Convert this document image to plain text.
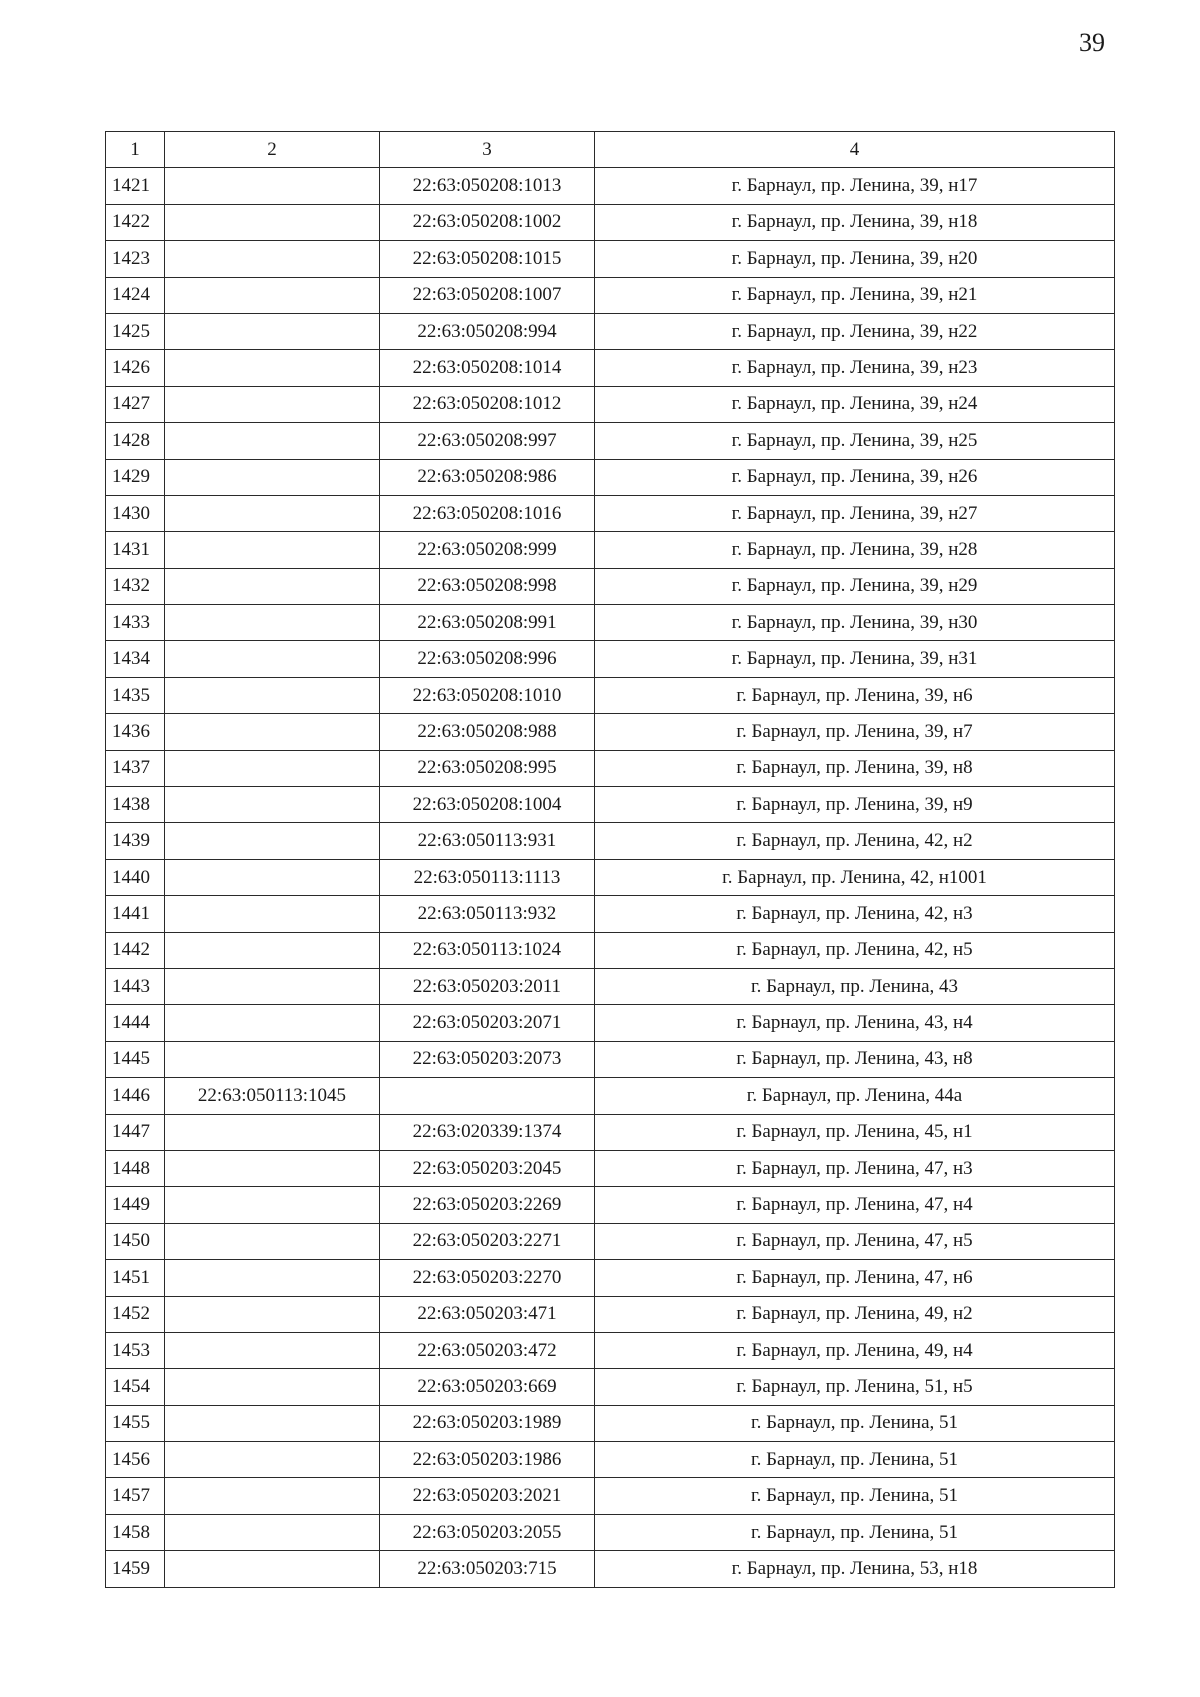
39
1	2	3	4
1421		22:63:050208:1013	г. Барнаул, пр. Ленина, 39, н17
1422		22:63:050208:1002	г. Барнаул, пр. Ленина, 39, н18
1423		22:63:050208:1015	г. Барнаул, пр. Ленина, 39, н20
1424		22:63:050208:1007	г. Барнаул, пр. Ленина, 39, н21
1425		22:63:050208:994	г. Барнаул, пр. Ленина, 39, н22
1426		22:63:050208:1014	г. Барнаул, пр. Ленина, 39, н23
1427		22:63:050208:1012	г. Барнаул, пр. Ленина, 39, н24
1428		22:63:050208:997	г. Барнаул, пр. Ленина, 39, н25
1429		22:63:050208:986	г. Барнаул, пр. Ленина, 39, н26
1430		22:63:050208:1016	г. Барнаул, пр. Ленина, 39, н27
1431		22:63:050208:999	г. Барнаул, пр. Ленина, 39, н28
1432		22:63:050208:998	г. Барнаул, пр. Ленина, 39, н29
1433		22:63:050208:991	г. Барнаул, пр. Ленина, 39, н30
1434		22:63:050208:996	г. Барнаул, пр. Ленина, 39, н31
1435		22:63:050208:1010	г. Барнаул, пр. Ленина, 39, н6
1436		22:63:050208:988	г. Барнаул, пр. Ленина, 39, н7
1437		22:63:050208:995	г. Барнаул, пр. Ленина, 39, н8
1438		22:63:050208:1004	г. Барнаул, пр. Ленина, 39, н9
1439		22:63:050113:931	г. Барнаул, пр. Ленина, 42, н2
1440		22:63:050113:1113	г. Барнаул, пр. Ленина, 42, н1001
1441		22:63:050113:932	г. Барнаул, пр. Ленина, 42, н3
1442		22:63:050113:1024	г. Барнаул, пр. Ленина, 42, н5
1443		22:63:050203:2011	г. Барнаул, пр. Ленина, 43
1444		22:63:050203:2071	г. Барнаул, пр. Ленина, 43, н4
1445		22:63:050203:2073	г. Барнаул, пр. Ленина, 43, н8
1446	22:63:050113:1045		г. Барнаул, пр. Ленина, 44а
1447		22:63:020339:1374	г. Барнаул, пр. Ленина, 45, н1
1448		22:63:050203:2045	г. Барнаул, пр. Ленина, 47, н3
1449		22:63:050203:2269	г. Барнаул, пр. Ленина, 47, н4
1450		22:63:050203:2271	г. Барнаул, пр. Ленина, 47, н5
1451		22:63:050203:2270	г. Барнаул, пр. Ленина, 47, н6
1452		22:63:050203:471	г. Барнаул, пр. Ленина, 49, н2
1453		22:63:050203:472	г. Барнаул, пр. Ленина, 49, н4
1454		22:63:050203:669	г. Барнаул, пр. Ленина, 51, н5
1455		22:63:050203:1989	г. Барнаул, пр. Ленина, 51
1456		22:63:050203:1986	г. Барнаул, пр. Ленина, 51
1457		22:63:050203:2021	г. Барнаул, пр. Ленина, 51
1458		22:63:050203:2055	г. Барнаул, пр. Ленина, 51
1459		22:63:050203:715	г. Барнаул, пр. Ленина, 53, н18
